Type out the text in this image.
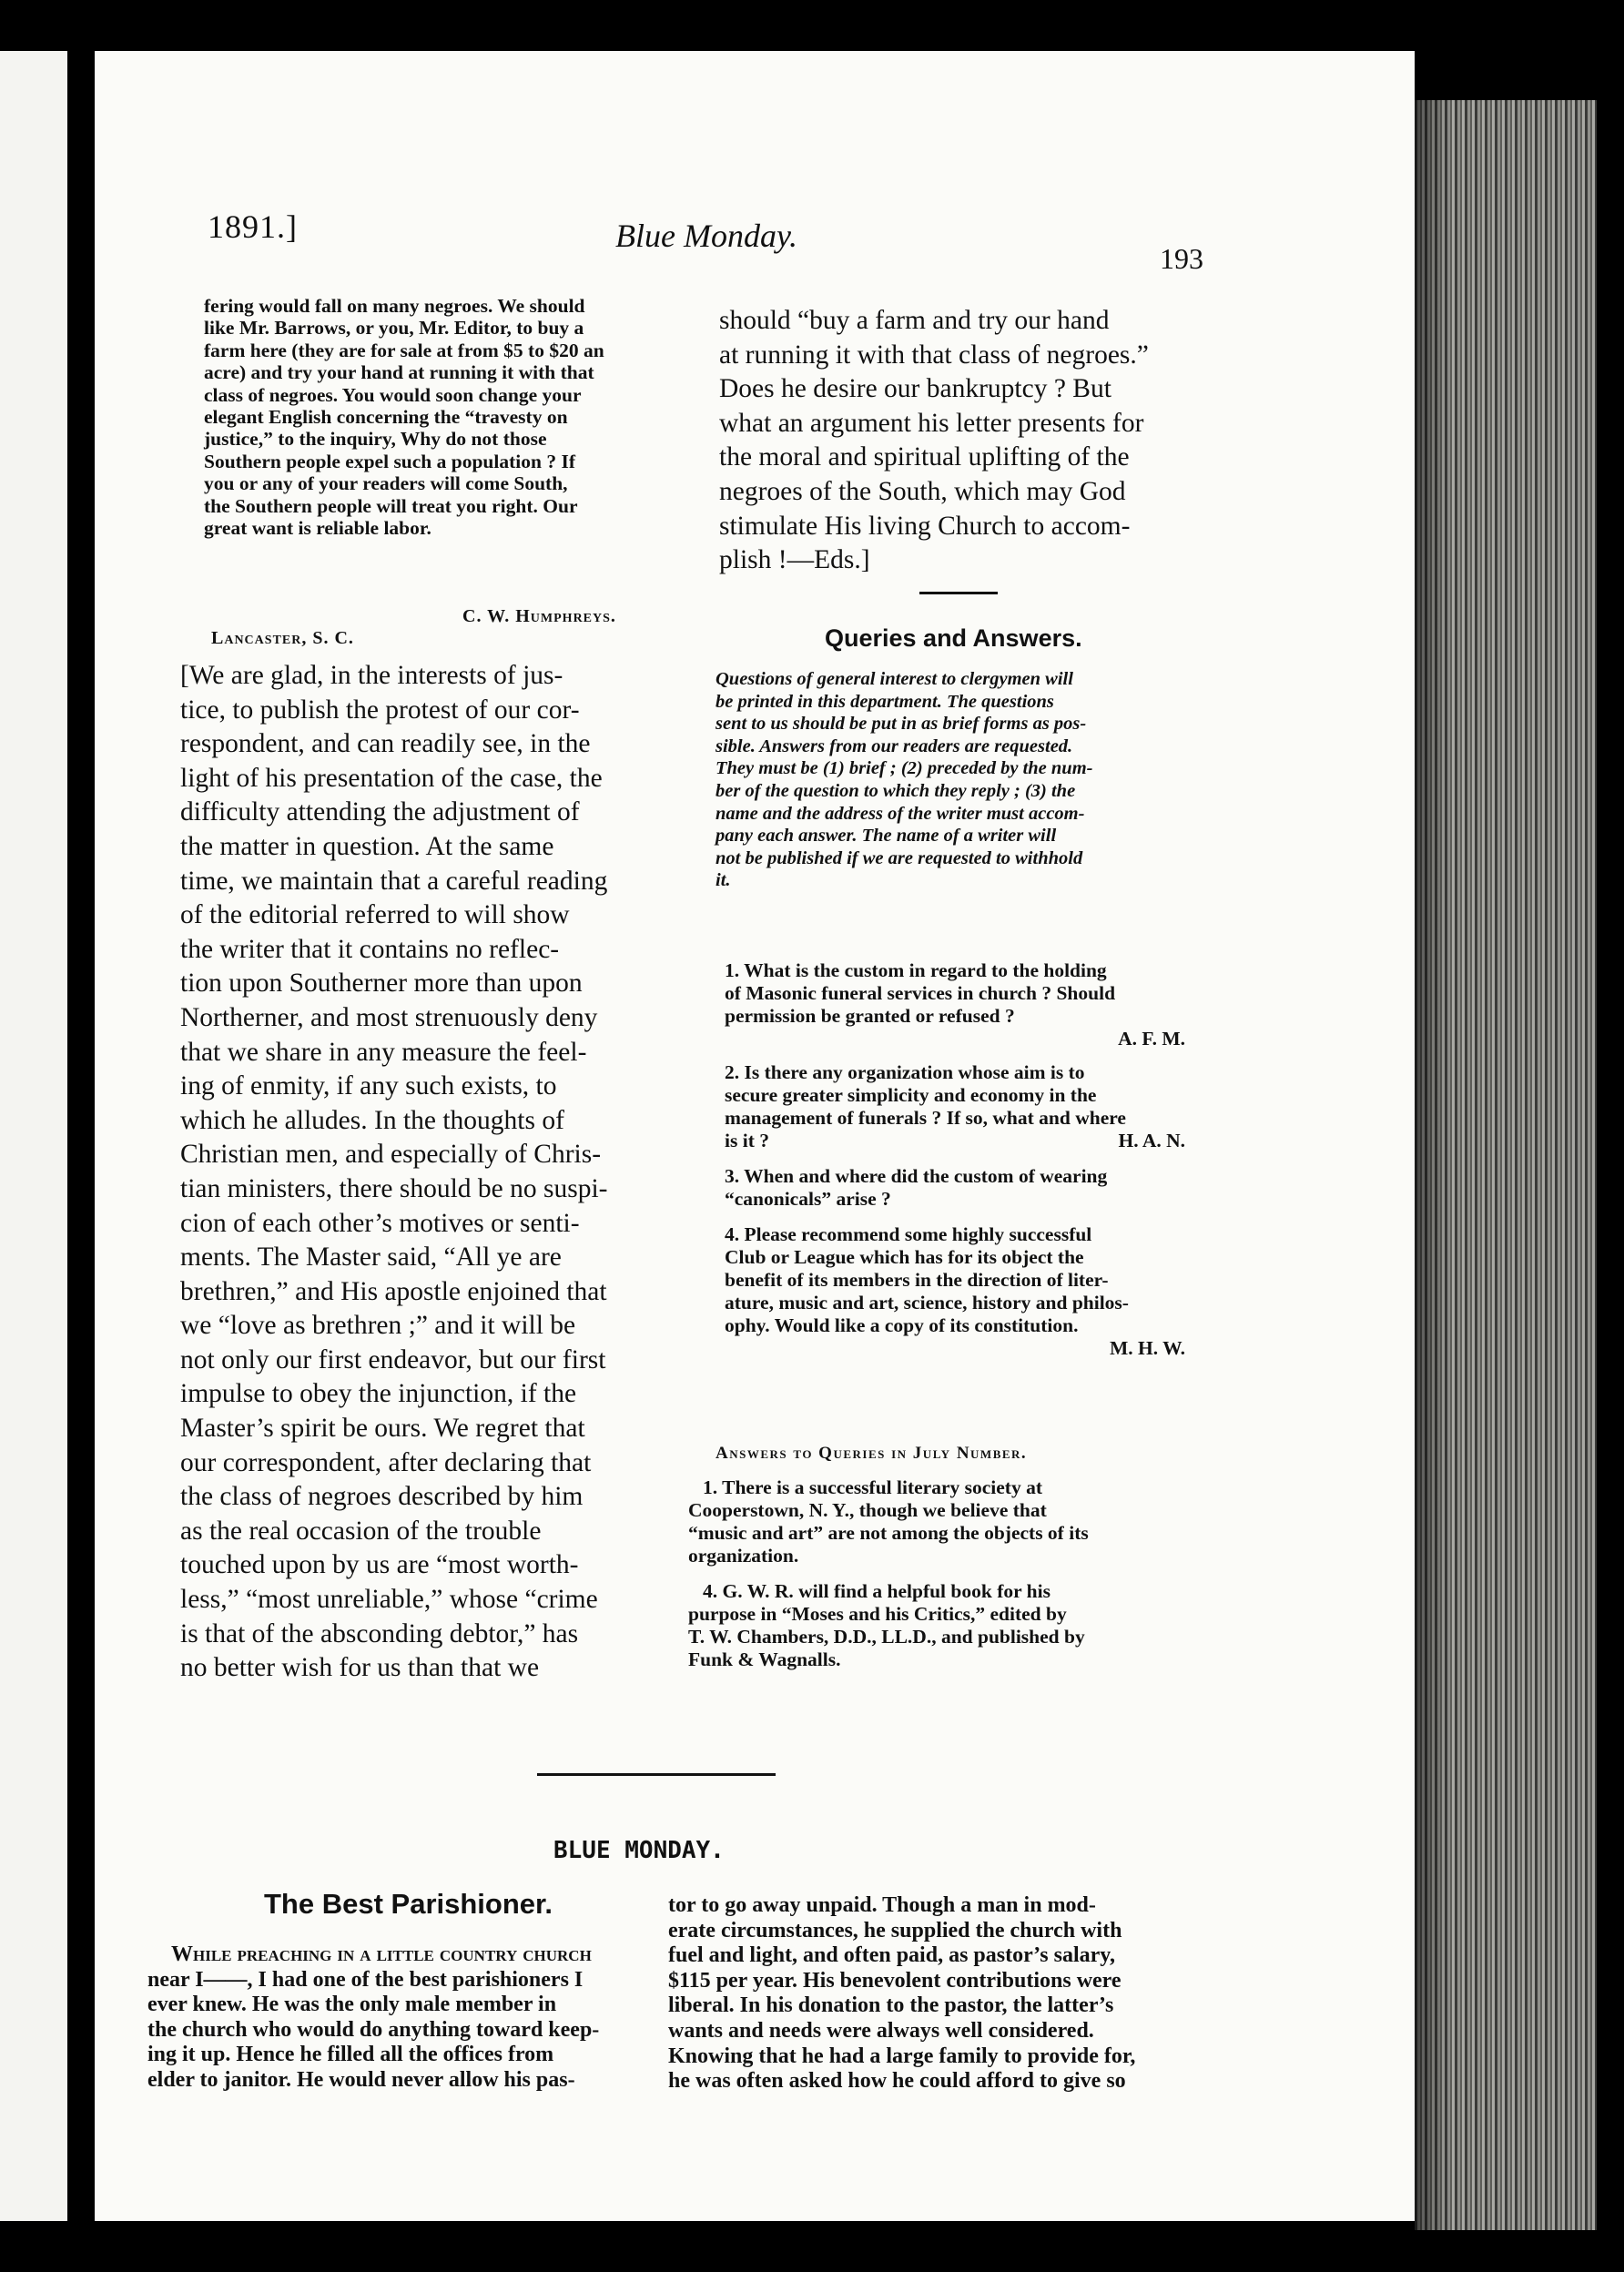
1891.]	Blue Monday.
193
fering would fall on many negroes. We should
like Mr. Barrows, or you, Mr. Editor, to buy a
farm here (they are for sale at from $5 to $20 an
acre) and try your hand at running it with that
class of negroes. You would soon change your
elegant English concerning the “travesty on
justice,” to the inquiry, Why do not those
Southern people expel such a population ? If
you or any of your readers will come South,
the Southern people will treat you right. Our
great want is reliable labor.
C. W. Humphreys.
Lancaster, S. C.
[We are glad, in the interests of jus-
tice, to publish the protest of our cor-
respondent, and can readily see, in the
light of his presentation of the case, the
difficulty attending the adjustment of
the matter in question. At the same
time, we maintain that a careful reading
of the editorial referred to will show
the writer that it contains no reflec-
tion upon Southerner more than upon
Northerner, and most strenuously deny
that we share in any measure the feel-
ing of enmity, if any such exists, to
which he alludes. In the thoughts of
Christian men, and especially of Chris-
tian ministers, there should be no suspi-
cion of each other’s motives or senti-
ments. The Master said, “All ye are
brethren,” and His apostle enjoined that
we “love as brethren ;” and it will be
not only our first endeavor, but our first
impulse to obey the injunction, if the
Master’s spirit be ours. We regret that
our correspondent, after declaring that
the class of negroes described by him
as the real occasion of the trouble
touched upon by us are “most worth-
less,” “most unreliable,” whose “crime
is that of the absconding debtor,” has
no better wish for us than that we
should “buy a farm and try our hand
at running it with that class of negroes.”
Does he desire our bankruptcy ? But
what an argument his letter presents for
the moral and spiritual uplifting of the
negroes of the South, which may God
stimulate His living Church to accom-
plish !—Eds.]
Queries and Answers.
Questions of general interest to clergymen will
be printed in this department. The questions
sent to us should be put in as brief forms as pos-
sible. Answers from our readers are requested.
They must be (1) brief ; (2) preceded by the num-
ber of the question to which they reply ; (3) the
name and the address of the writer must accom-
pany each answer. The name of a writer will
not be published if we are requested to withhold
it.
1. What is the custom in regard to the holding
of Masonic funeral services in church ? Should
permission be granted or refused ?
A. F. M.
2. Is there any organization whose aim is to
secure greater simplicity and economy in the
management of funerals ? If so, what and where
is it ?	H. A. N.
3. When and where did the custom of wearing
“canonicals” arise ?
4. Please recommend some highly successful
Club or League which has for its object the
benefit of its members in the direction of liter-
ature, music and art, science, history and philos-
ophy. Would like a copy of its constitution.
M. H. W.
Answers to Queries in July Number.
1. There is a successful literary society at
Cooperstown, N. Y., though we believe that
“music and art” are not among the objects of its
organization.
4. G. W. R. will find a helpful book for his
purpose in “Moses and his Critics,” edited by
T. W. Chambers, D.D., LL.D., and published by
Funk & Wagnalls.
BLUE MONDAY.
The Best Parishioner.
While preaching in a little country church
near I——, I had one of the best parishioners I
ever knew. He was the only male member in
the church who would do anything toward keep-
ing it up. Hence he filled all the offices from
elder to janitor. He would never allow his pas-
tor to go away unpaid. Though a man in mod-
erate circumstances, he supplied the church with
fuel and light, and often paid, as pastor’s salary,
$115 per year. His benevolent contributions were
liberal. In his donation to the pastor, the latter’s
wants and needs were always well considered.
Knowing that he had a large family to provide for,
he was often asked how he could afford to give so
